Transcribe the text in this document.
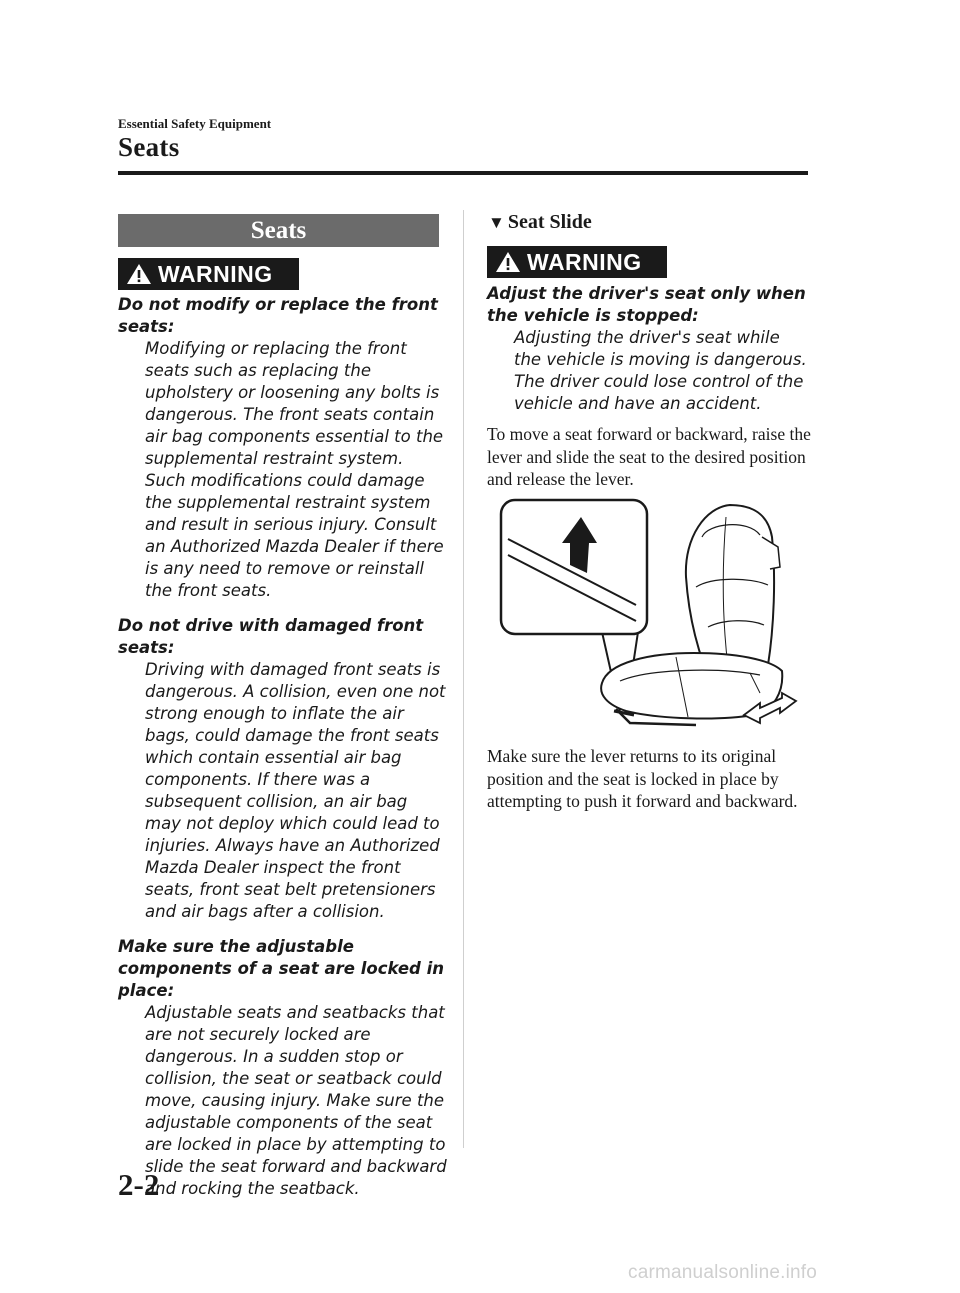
Essential Safety Equipment
Seats
Seats
WARNING
Do not modify or replace the front seats:
Modifying or replacing the front seats such as replacing the upholstery or loosening any bolts is dangerous. The front seats contain air bag components essential to the supplemental restraint system. Such modifications could damage the supplemental restraint system and result in serious injury. Consult an Authorized Mazda Dealer if there is any need to remove or reinstall the front seats.
Do not drive with damaged front seats:
Driving with damaged front seats is dangerous. A collision, even one not strong enough to inflate the air bags, could damage the front seats which contain essential air bag components. If there was a subsequent collision, an air bag may not deploy which could lead to injuries. Always have an Authorized Mazda Dealer inspect the front seats, front seat belt pretensioners and air bags after a collision.
Make sure the adjustable components of a seat are locked in place:
Adjustable seats and seatbacks that are not securely locked are dangerous. In a sudden stop or collision, the seat or seatback could move, causing injury. Make sure the adjustable components of the seat are locked in place by attempting to slide the seat forward and backward and rocking the seatback.
▼ Seat Slide
WARNING
Adjust the driver's seat only when the vehicle is stopped:
Adjusting the driver's seat while the vehicle is moving is dangerous. The driver could lose control of the vehicle and have an accident.
To move a seat forward or backward, raise the lever and slide the seat to the desired position and release the lever.
Make sure the lever returns to its original position and the seat is locked in place by attempting to push it forward and backward.
2-2
carmanualsonline.info
